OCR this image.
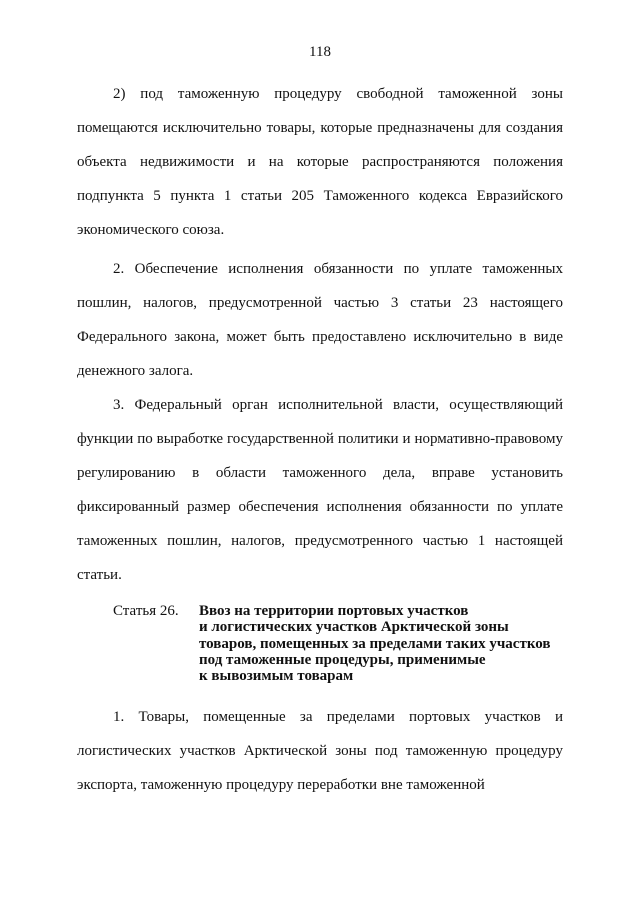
118

2) под таможенную процедуру свободной таможенной зоны помещаются исключительно товары, которые предназначены для создания объекта недвижимости и на которые распространяются положения подпункта 5 пункта 1 статьи 205 Таможенного кодекса Евразийского экономического союза.

2. Обеспечение исполнения обязанности по уплате таможенных пошлин, налогов, предусмотренной частью 3 статьи 23 настоящего Федерального закона, может быть предоставлено исключительно в виде денежного залога.

3. Федеральный орган исполнительной власти, осуществляющий функции по выработке государственной политики и нормативно-правовому регулированию в области таможенного дела, вправе установить фиксированный размер обеспечения исполнения обязанности по уплате таможенных пошлин, налогов, предусмотренного частью 1 настоящей статьи.

Статья 26. Ввоз на территории портовых участков
и логистических участков Арктической зоны
товаров, помещенных за пределами таких участков
под таможенные процедуры, применимые
к вывозимым товарам

1. Товары, помещенные за пределами портовых участков и логистических участков Арктической зоны под таможенную процедуру экспорта, таможенную процедуру переработки вне таможенной
